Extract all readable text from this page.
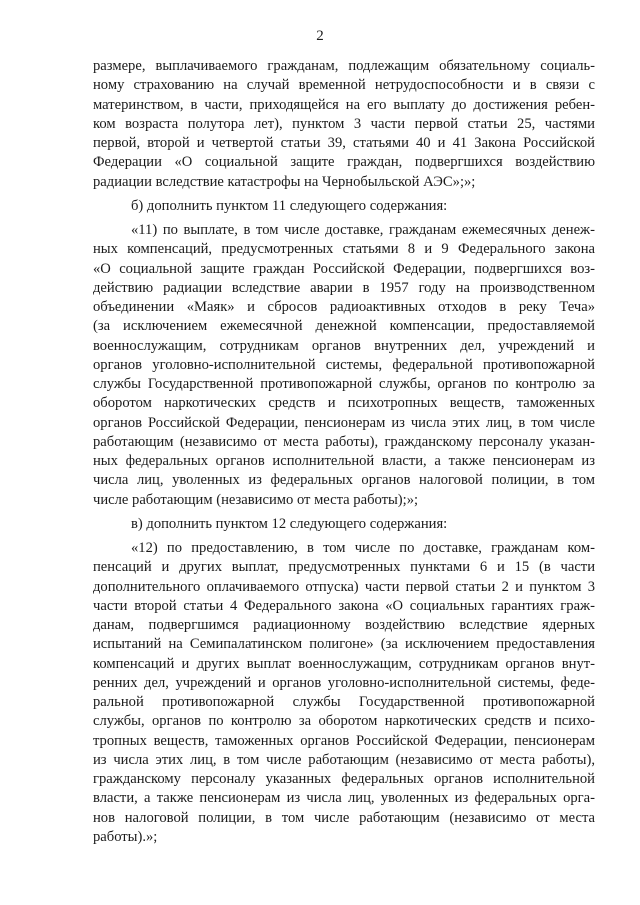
2

размере, выплачиваемого гражданам, подлежащим обязательному социаль-
ному страхованию на случай временной нетрудоспособности и в связи с
материнством, в части, приходящейся на его выплату до достижения ребен-
ком возраста полутора лет), пунктом 3 части первой статьи 25, частями
первой, второй и четвертой статьи 39, статьями 40 и 41 Закона Российской
Федерации «О социальной защите граждан, подвергшихся воздействию
радиации вследствие катастрофы на Чернобыльской АЭС»;»;

б) дополнить пунктом 11 следующего содержания:

«11) по выплате, в том числе доставке, гражданам ежемесячных денеж-
ных компенсаций, предусмотренных статьями 8 и 9 Федерального закона
«О социальной защите граждан Российской Федерации, подвергшихся воз-
действию радиации вследствие аварии в 1957 году на производственном
объединении «Маяк» и сбросов радиоактивных отходов в реку Теча»
(за исключением ежемесячной денежной компенсации, предоставляемой
военнослужащим, сотрудникам органов внутренних дел, учреждений и
органов уголовно-исполнительной системы, федеральной противопожарной
службы Государственной противопожарной службы, органов по контролю за
оборотом наркотических средств и психотропных веществ, таможенных
органов Российской Федерации, пенсионерам из числа этих лиц, в том числе
работающим (независимо от места работы), гражданскому персоналу указан-
ных федеральных органов исполнительной власти, а также пенсионерам из
числа лиц, уволенных из федеральных органов налоговой полиции, в том
числе работающим (независимо от места работы);»;

в) дополнить пунктом 12 следующего содержания:

«12) по предоставлению, в том числе по доставке, гражданам ком-
пенсаций и других выплат, предусмотренных пунктами 6 и 15 (в части
дополнительного оплачиваемого отпуска) части первой статьи 2 и пунктом 3
части второй статьи 4 Федерального закона «О социальных гарантиях граж-
данам, подвергшимся радиационному воздействию вследствие ядерных
испытаний на Семипалатинском полигоне» (за исключением предоставления
компенсаций и других выплат военнослужащим, сотрудникам органов внут-
ренних дел, учреждений и органов уголовно-исполнительной системы, феде-
ральной противопожарной службы Государственной противопожарной
службы, органов по контролю за оборотом наркотических средств и психо-
тропных веществ, таможенных органов Российской Федерации, пенсионерам
из числа этих лиц, в том числе работающим (независимо от места работы),
гражданскому персоналу указанных федеральных органов исполнительной
власти, а также пенсионерам из числа лиц, уволенных из федеральных орга-
нов налоговой полиции, в том числе работающим (независимо от места
работы).»;
